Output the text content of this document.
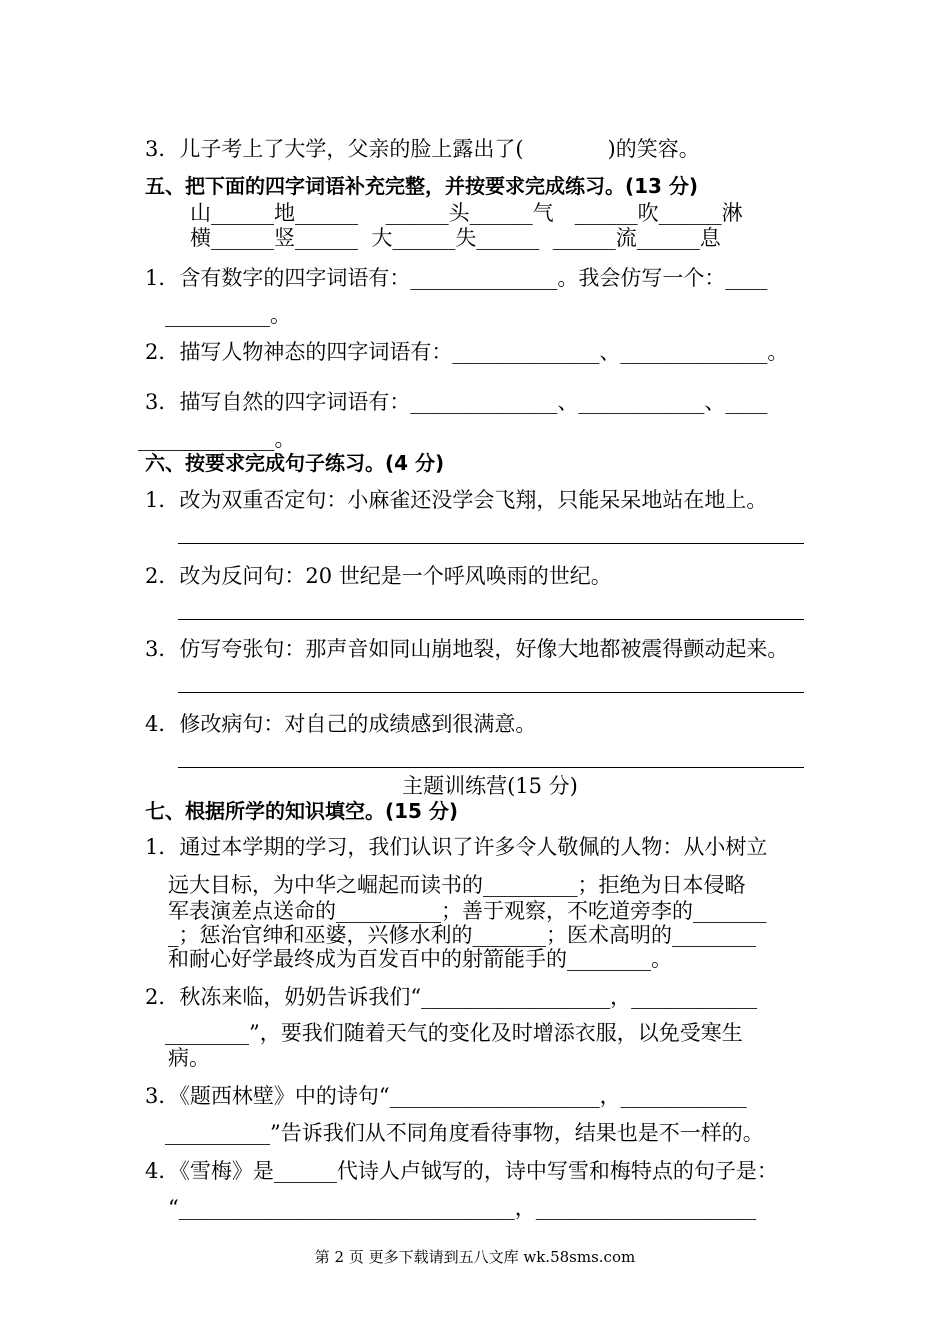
3．儿子考上了大学，父亲的脸上露出了(　　　　)的笑容。
五、把下面的四字词语补充完整，并按要求完成练习。(13 分)
山______地______　 ______头______气　______吹______淋
横______竖______  大______失______  ______流______息
1．含有数字的四字词语有：______________。我会仿写一个：____
__________。
2．描写人物神态的四字词语有：______________、______________。
3．描写自然的四字词语有：______________、____________、____
_____________。
六、按要求完成句子练习。(4 分)
1．改为双重否定句：小麻雀还没学会飞翔，只能呆呆地站在地上。
2．改为反问句：20 世纪是一个呼风唤雨的世纪。
3．仿写夸张句：那声音如同山崩地裂，好像大地都被震得颤动起来。
4．修改病句：对自己的成绩感到很满意。
主题训练营(15 分)
七、根据所学的知识填空。(15 分)
1．通过本学期的学习，我们认识了许多令人敬佩的人物：从小树立
远大目标，为中华之崛起而读书的_________；拒绝为日本侵略
军表演差点送命的__________；善于观察，不吃道旁李的_______
_；惩治官绅和巫婆，兴修水利的_______；医术高明的________
和耐心好学最终成为百发百中的射箭能手的________。
2．秋冻来临，奶奶告诉我们“__________________，____________
________”，要我们随着天气的变化及时增添衣服，以免受寒生
病。
3．《题西林壁》中的诗句“____________________，____________
__________”告诉我们从不同角度看待事物，结果也是不一样的。
4．《雪梅》是______代诗人卢钺写的，诗中写雪和梅特点的句子是：
“________________________________，_____________________
第 2 页 更多下载请到五八文库 wk.58sms.com
